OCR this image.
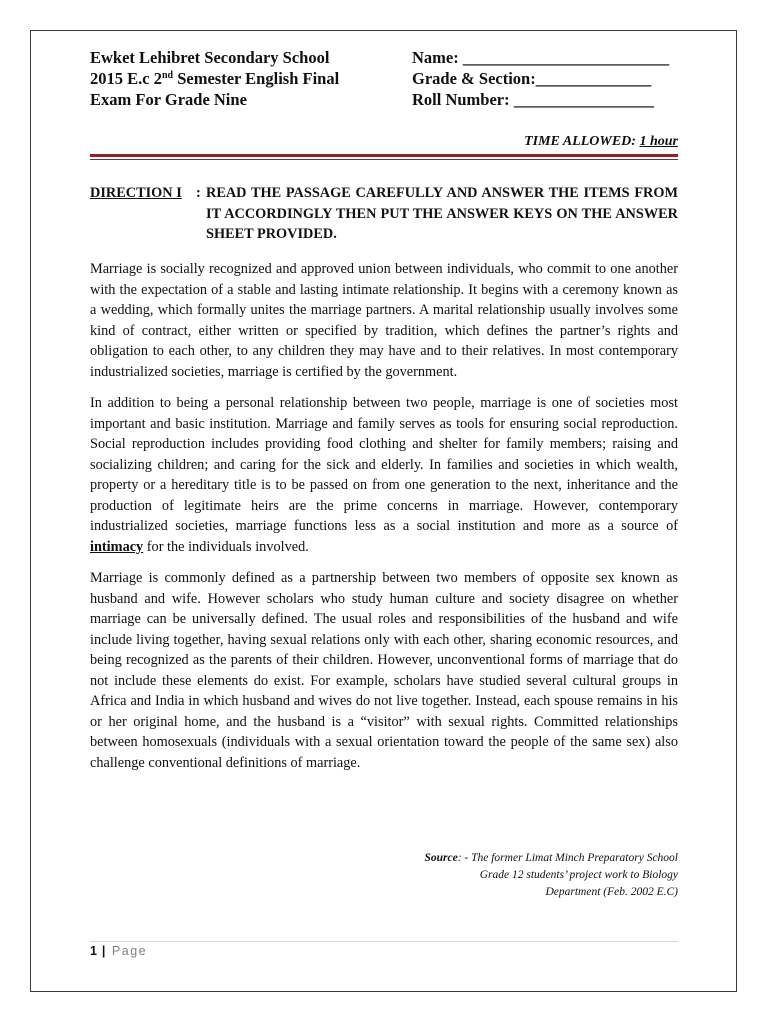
Ewket Lehibret Secondary School
2015 E.c 2nd Semester English Final
Exam For Grade Nine
Name: _________________________
Grade & Section:______________
Roll Number: _________________
TIME ALLOWED: 1 hour
DIRECTION I : READ THE PASSAGE CAREFULLY AND ANSWER THE ITEMS FROM IT ACCORDINGLY THEN PUT THE ANSWER KEYS ON THE ANSWER SHEET PROVIDED.

Marriage is socially recognized and approved union between individuals, who commit to one another with the expectation of a stable and lasting intimate relationship. It begins with a ceremony known as a wedding, which formally unites the marriage partners. A marital relationship usually involves some kind of contract, either written or specified by tradition, which defines the partner’s rights and obligation to each other, to any children they may have and to their relatives. In most contemporary industrialized societies, marriage is certified by the government.

In addition to being a personal relationship between two people, marriage is one of societies most important and basic institution. Marriage and family serves as tools for ensuring social reproduction. Social reproduction includes providing food clothing and shelter for family members; raising and socializing children; and caring for the sick and elderly. In families and societies in which wealth, property or a hereditary title is to be passed on from one generation to the next, inheritance and the production of legitimate heirs are the prime concerns in marriage. However, contemporary industrialized societies, marriage functions less as a social institution and more as a source of intimacy for the individuals involved.

Marriage is commonly defined as a partnership between two members of opposite sex known as husband and wife. However scholars who study human culture and society disagree on whether marriage can be universally defined. The usual roles and responsibilities of the husband and wife include living together, having sexual relations only with each other, sharing economic resources, and being recognized as the parents of their children. However, unconventional forms of marriage that do not include these elements do exist. For example, scholars have studied several cultural groups in Africa and India in which husband and wives do not live together. Instead, each spouse remains in his or her original home, and the husband is a “visitor” with sexual rights. Committed relationships between homosexuals (individuals with a sexual orientation toward the people of the same sex) also challenge conventional definitions of marriage.

Source: - The former Limat Minch Preparatory School
Grade 12 students’ project work to Biology
Department (Feb. 2002 E.C)
1 | Page
